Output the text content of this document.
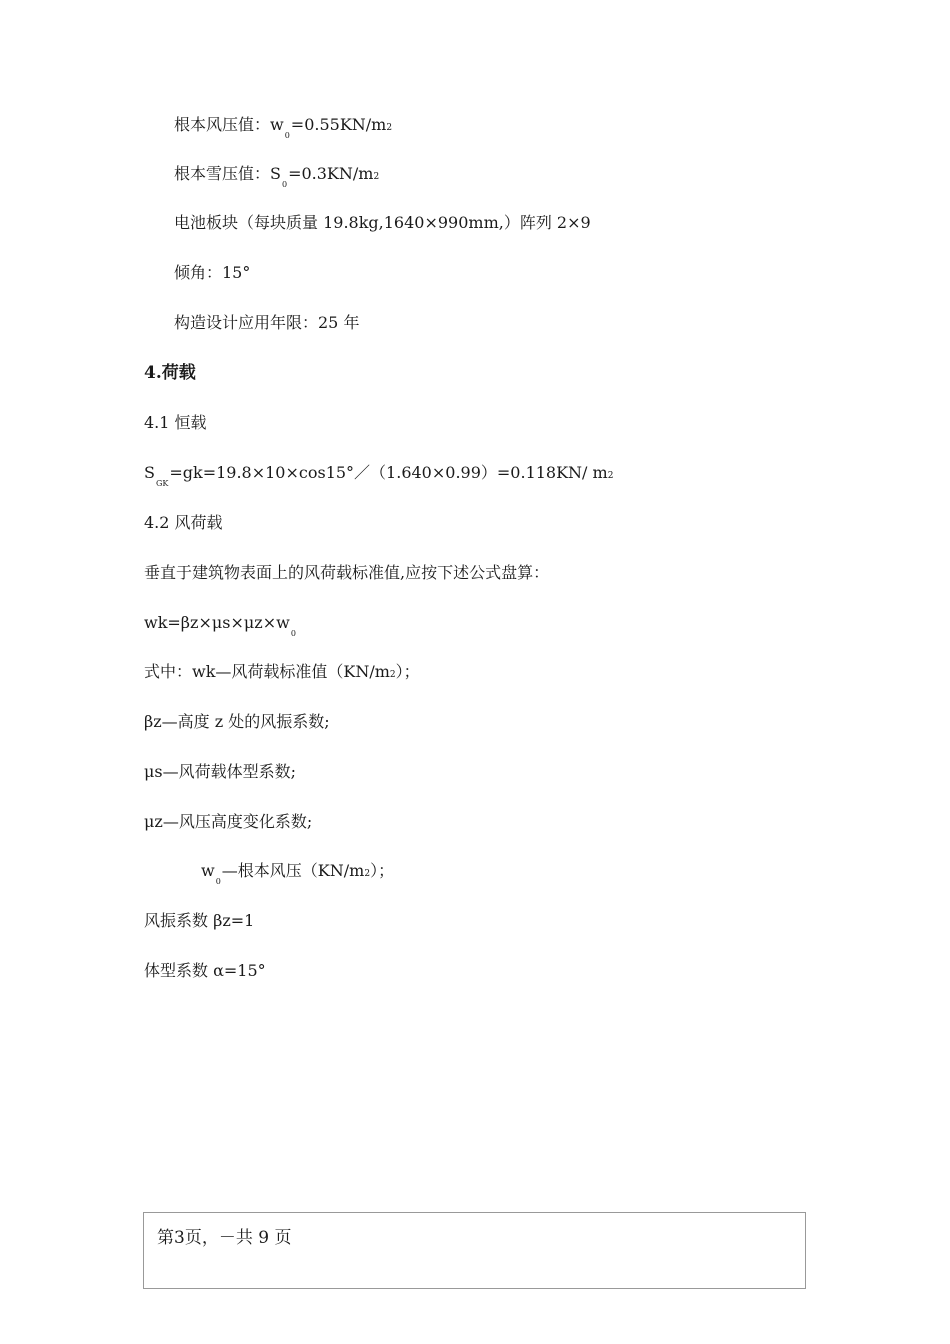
根本风压值：$w_0=0.55KN/m2$
根本雪压值：$S_0=0.3KN/m2$
电池板块（每块质量 19.8kg,1640×990mm,）阵列 2×9
倾角：15°
构造设计应用年限：25 年
4.荷载
4.1 恒载
$S_{GK}=gk=19.8\times 10\times\cos 15^\circ/(1.640\times 0.99)=0.118KN/$ m2
4.2 风荷载
垂直于建筑物表面上的风荷载标准值,应按下述公式盘算：
$wk=\beta z\times\mu s\times\mu z\times w_0$
式中：wk—风荷载标准值（KN/m2）；
βz—高度 z 处的风振系数;
μs—风荷载体型系数;
μz—风压高度变化系数;
$w_0—$根本风压（KN/m2）；
风振系数 βz=1
体型系数 α=15°
第3页，－共 9 页
